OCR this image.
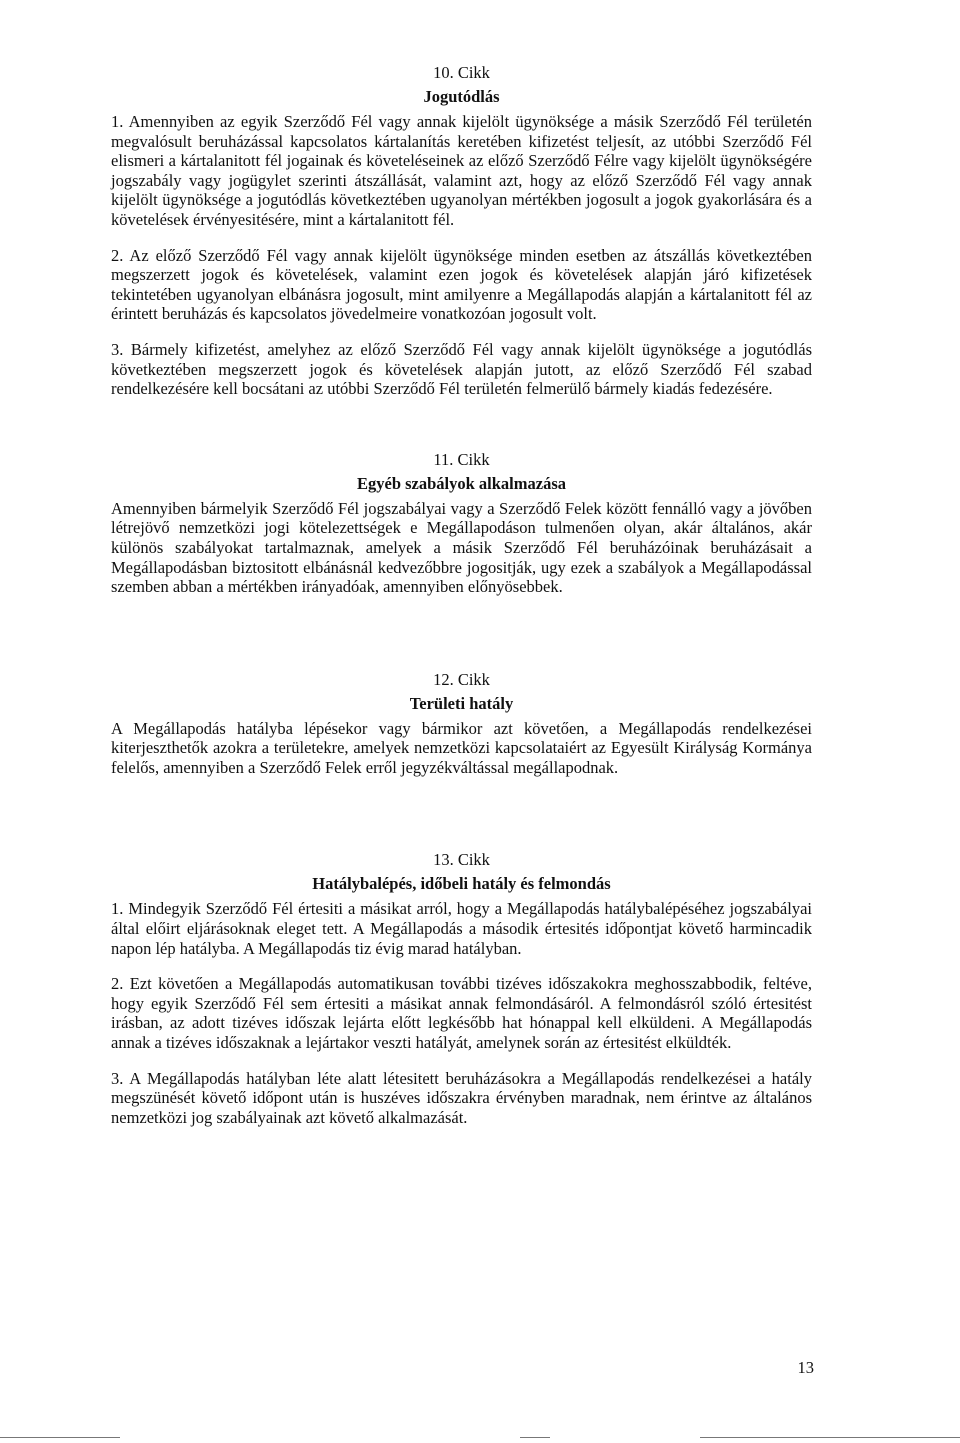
10. Cikk
Jogutódlás

1. Amennyiben az egyik Szerződő Fél vagy annak kijelölt ügynöksége a másik Szerződő Fél területén megvalósult beruházással kapcsolatos kártalanítás keretében kifizetést teljesít, az utóbbi Szerződő Fél elismeri a kártalanitott fél jogainak és követeléseinek az előző Szerződő Félre vagy kijelölt ügynökségére jogszabály vagy jogügylet szerinti átszállását, valamint azt, hogy az előző Szerződő Fél vagy annak kijelölt ügynöksége a jogutódlás következtében ugyanolyan mértékben jogosult a jogok gyakorlására és a követelések érvényesitésére, mint a kártalanitott fél.

2. Az előző Szerződő Fél vagy annak kijelölt ügynöksége minden esetben az átszállás következtében megszerzett jogok és követelések, valamint ezen jogok és követelések alapján járó kifizetések tekintetében ugyanolyan elbánásra jogosult, mint amilyenre a Megállapodás alapján a kártalanitott fél az érintett beruházás és kapcsolatos jövedelmeire vonatkozóan jogosult volt.

3. Bármely kifizetést, amelyhez az előző Szerződő Fél vagy annak kijelölt ügynöksége a jogutódlás következtében megszerzett jogok és követelések alapján jutott, az előző Szerződő Fél szabad rendelkezésére kell bocsátani az utóbbi Szerződő Fél területén felmerülő bármely kiadás fedezésére.

11. Cikk
Egyéb szabályok alkalmazása

Amennyiben bármelyik Szerződő Fél jogszabályai vagy a Szerződő Felek között fennálló vagy a jövőben létrejövő nemzetközi jogi kötelezettségek e Megállapodáson tulmenően olyan, akár általános, akár különös szabályokat tartalmaznak, amelyek a másik Szerződő Fél beruházóinak beruházásait a Megállapodásban biztositott elbánásnál kedvezőbbre jogositják, ugy ezek a szabályok a Megállapodással szemben abban a mértékben irányadóak, amennyiben előnyösebbek.

12. Cikk
Területi hatály

A Megállapodás hatályba lépésekor vagy bármikor azt követően, a Megállapodás rendelkezései kiterjeszthetők azokra a területekre, amelyek nemzetközi kapcsolataiért az Egyesült Királyság Kormánya felelős, amennyiben a Szerződő Felek erről jegyzékváltással megállapodnak.

13. Cikk
Hatálybalépés, időbeli hatály és felmondás

1. Mindegyik Szerződő Fél értesiti a másikat arról, hogy a Megállapodás hatálybalépéséhez jogszabályai által előirt eljárásoknak eleget tett. A Megállapodás a második értesités időpontjat követő harmincadik napon lép hatályba. A Megállapodás tiz évig marad hatályban.

2. Ezt követően a Megállapodás automatikusan további tizéves időszakokra meghosszabbodik, feltéve, hogy egyik Szerződő Fél sem értesiti a másikat annak felmondásáról. A felmondásról szóló értesitést irásban, az adott tizéves időszak lejárta előtt legkésőbb hat hónappal kell elküldeni. A Megállapodás annak a tizéves időszaknak a lejártakor veszti hatályát, amelynek során az értesitést elküldték.

3. A Megállapodás hatályban léte alatt létesitett beruházásokra a Megállapodás rendelkezései a hatály megszünését követő időpont után is huszéves időszakra érvényben maradnak, nem érintve az általános nemzetközi jog szabályainak azt követő alkalmazását.

13
